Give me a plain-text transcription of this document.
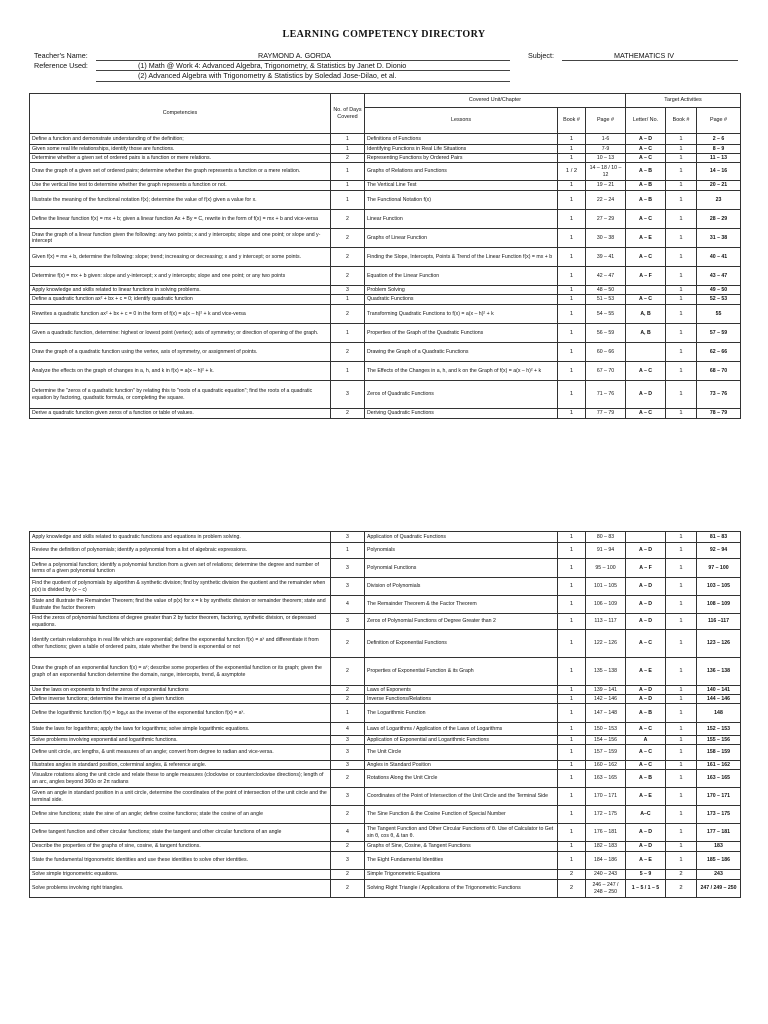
LEARNING COMPETENCY DIRECTORY
Teacher's Name:	RAYMOND A. GORDA	Subject:	MATHEMATICS IV
Reference Used:	(1) Math @ Work 4: Advanced Algebra, Trigonometry, & Statistics by Janet D. Dionio
(2) Advanced Algebra with Trigonometry & Statistics by Soledad Jose-Dilao, et al.
Competencies	No. of Days Covered	Covered Unit/Chapter			Target Activities		
		Lessons	Book #	Page #	Letter/ No.	Book #	Page #
Define a function and demonstrate understanding of the definition;	1	Definitions of Functions	1	1-6	A – D	1	2 – 6
Given some real life relationships, identify those are functions.	1	Identifying Functions in Real Life Situations	1	7-9	A – C	1	8 – 9
Determine whether a given set of ordered pairs is a function or mere relations.	2	Representing Functions by Ordered Pairs	1	10 – 13	A – C	1	11 – 13
Draw the graph of a given set of ordered pairs; determine whether the graph represents a function or a mere relation.	1	Graphs of Relations and Functions	1 / 2	14 – 18 / 10 – 12	A – B	1	14 – 16
Use the vertical line test to determine whether the graph represents a function or not.	1	The Vertical Line Test	1	19 – 21	A – B	1	20 – 21
Illustrate the meaning of the functional notation f(x); determine the value of f(x) given a value for x.	1	The Functional Notation f(x)	1	22 – 24	A – B	1	23
Define the linear function f(x) = mx + b; given a linear function Ax + By = C, rewrite in the form of f(x) = mx + b and vice-versa	2	Linear Function	1	27 – 29	A – C	1	28 – 29
Draw the graph of a linear function given the following: any two points; x and y intercepts; slope and one point; or slope and y-intercept	2	Graphs of Linear Function	1	30 – 38	A – E	1	31 – 38
Given f(x) = mx + b, determine the following: slope; trend; increasing or decreasing; x and y intercept; or some points.	2	Finding the Slope, Intercepts, Points & Trend of the Linear Function f(x) = mx + b	1	39 – 41	A – C	1	40 – 41
Determine f(x) = mx + b given: slope and y-intercept; x and y intercepts; slope and one point; or any two points	2	Equation of the Linear Function	1	42 – 47	A – F	1	43 – 47
Apply knowledge and skills related to linear functions in solving problems.	3	Problem Solving	1	48 – 50		1	49 – 50
Define a quadratic function ax² + bx + c = 0; identify quadratic function	1	Quadratic Functions	1	51 – 53	A – C	1	52 – 53
Rewrites a quadratic function ax² + bx + c = 0 in the form of f(x) = a(x – h)² + k and vice-versa	2	Transforming Quadratic Functions to f(x) = a(x – h)² + k	1	54 – 55	A, B	1	55
Given a quadratic function, determine: highest or lowest point (vertex); axis of symmetry; or direction of opening of the graph.	1	Properties of the Graph of the Quadratic Functions	1	56 – 59	A, B	1	57 – 59
Draw the graph of a quadratic function using the vertex, axis of symmetry, or assignment of points.	2	Drawing the Graph of a Quadratic Functions	1	60 – 66		1	62 – 66
Analyze the effects on the graph of changes in a, h, and k in f(x) = a(x – h)² + k.	1	The Effects of the Changes in a, h, and k on the Graph of f(x) = a(x – h)² + k	1	67 – 70	A – C	1	68 – 70
Determine the "zeros of a quadratic function" by relating this to "roots of a quadratic equation"; find the roots of a quadratic equation by factoring, quadratic formula, or completing the square.	3	Zeros of Quadratic Functions	1	71 – 76	A – D	1	73 – 76
Derive a quadratic function given zeros of a function or table of values.	2	Deriving Quadratic Functions	1	77 – 79	A – C	1	78 – 79
Apply knowledge and skills related to quadratic functions and equations in problem solving.	3	Application of Quadratic Functions	1	80 – 83		1	81 – 83
Review the definition of polynomials; identify a polynomial from a list of algebraic expressions.	1	Polynomials	1	91 – 94	A – D	1	92 – 94
Define a polynomial function; identify a polynomial function from a given set of relations; determine the degree and number of terms of a given polynomial function	3	Polynomial Functions	1	95 – 100	A – F	1	97 – 100
Find the quotient of polynomials by algorithm & synthetic division; find by synthetic division the quotient and the remainder when p(x) is divided by (x – c)	3	Division of Polynomials	1	101 – 105	A – D	1	103 – 105
State and illustrate the Remainder Theorem; find the value of p(x) for x = k by synthetic division or remainder theorem; state and illustrate the factor theorem	4	The Remainder Theorem & the Factor Theorem	1	106 – 109	A – D	1	108 – 109
Find the zeros of polynomial functions of degree greater than 2 by factor theorem, factoring, synthetic division, or depressed equations.	3	Zeros of Polynomial Functions of Degree Greater than 2	1	113 – 117	A – D	1	116 –117
Identify certain relationships in real life which are exponential; define the exponential function f(x) = aˣ and differentiate it from other functions; given a table of ordered pairs, state whether the trend is exponential or not	2	Definition of Exponential Functions	1	122 – 126	A – C	1	123 – 126
Draw the graph of an exponential function f(x) = aˣ; describe some properties of the exponential function or its graph; given the graph of an exponential function determine the domain, range, intercepts, trend, & asymptote	2	Properties of Exponential Function & its Graph	1	135 – 138	A – E	1	136 – 138
Use the laws on exponents to find the zeros of exponential functions	2	Laws of Exponents	1	139 – 141	A – D	1	140 – 141
Define inverse functions; determine the inverse of a given function	2	Inverse Functions/Relations	1	142 – 146	A – D	1	144 – 146
Define the logarithmic function f(x) = logₐx as the inverse of the exponential function f(x) = aˣ.	1	The Logarithmic Function	1	147 – 148	A – B	1	148
State the laws for logarithms; apply the laws for logarithms; solve simple logarithmic equations.	4	Laws of Logarithms / Application of the Laws of Logarithms	1	150 – 153	A – C	1	152 – 153
Solve problems involving exponential and logarithmic functions.	3	Application of Exponential and Logarithmic Functions	1	154 – 156	A	1	155 – 156
Define unit circle, arc lengths, & unit measures of an angle; convert from degree to radian and vice-versa.	3	The Unit Circle	1	157 – 159	A – C	1	158 – 159
Illustrates angles in standard position, coterminal angles, & reference angle.	3	Angles in Standard Position	1	160 – 162	A – C	1	161 – 162
Visualize rotations along the unit circle and relate these to angle measures (clockwise or counterclockwise directions); length of an arc, angles beyond 360o or 2π radians	2	Rotations Along the Unit Circle	1	163 – 165	A – B	1	163 – 165
Given an angle in standard position in a unit circle, determine the coordinates of the point of intersection of the unit circle and the terminal side.	3	Coordinates of the Point of Intersection of the Unit Circle and the Terminal Side	1	170 – 171	A – E	1	170 – 171
Define sine functions; state the sine of an angle; define cosine functions; state the cosine of an angle	2	The Sine Function & the Cosine Function of Special Number	1	172 – 175	A–C	1	173 – 175
Define tangent function and other circular functions; state the tangent and other circular functions of an angle	4	The Tangent Function and Other Circular Functions of θ. Use of Calculator to Get sin θ, cos θ, & tan θ.	1	176 – 181	A – D	1	177 – 181
Describe the properties of the graphs of sine, cosine, & tangent functions.	2	Graphs of Sine, Cosine, & Tangent Functions	1	182 – 183	A – D	1	183
State the fundamental trigonometric identities and use these identities to solve other identities.	3	The Eight Fundamental Identities	1	184 – 186	A – E	1	185 – 186
Solve simple trigonometric equations.	2	Simple Trigonometric Equations	2	240 – 243	5 – 9	2	243
Solve problems involving right triangles.	2	Solving Right Triangle / Applications of the Trigonometric Functions	2	246 – 247 / 248 – 250	1 – 5 / 1 – 5	2	247 / 249 – 250
